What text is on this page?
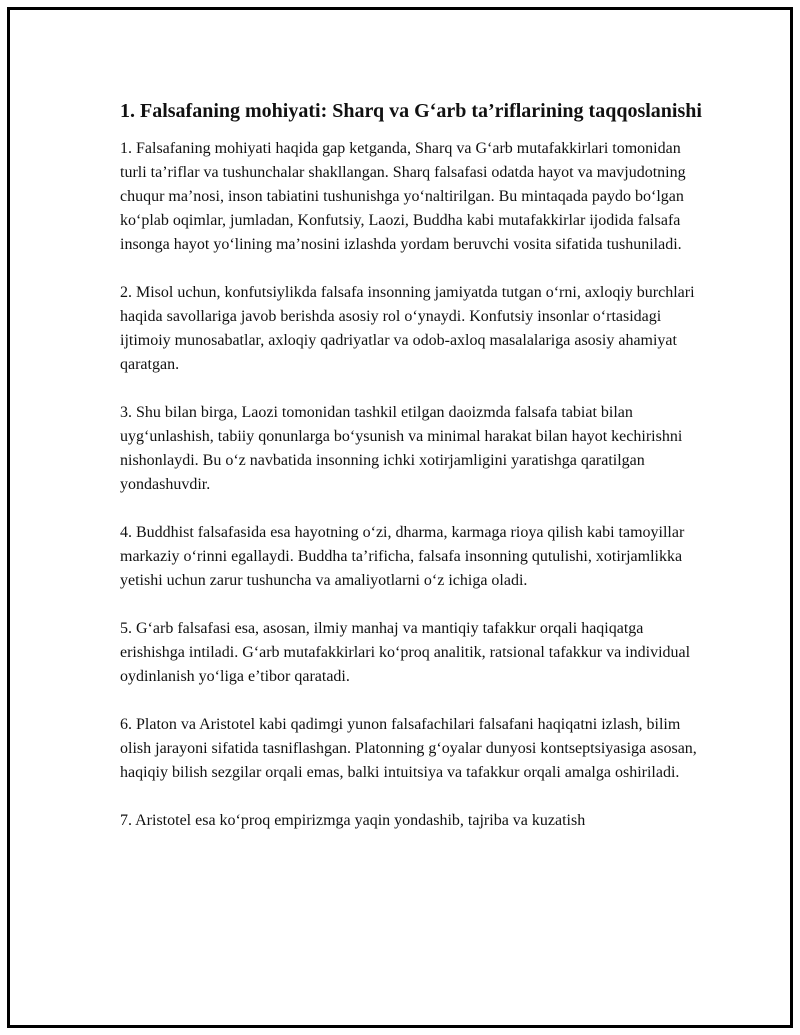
1. Falsafaning mohiyati: Sharq va G‘arb ta’riflarining taqqoslanishi

1. Falsafaning mohiyati haqida gap ketganda, Sharq va G‘arb mutafakkirlari tomonidan turli ta’riflar va tushunchalar shakllangan. Sharq falsafasi odatda hayot va mavjudotning chuqur ma’nosi, inson tabiatini tushunishga yo‘naltirilgan. Bu mintaqada paydo bo‘lgan ko‘plab oqimlar, jumladan, Konfutsiy, Laozi, Buddha kabi mutafakkirlar ijodida falsafa insonga hayot yo‘lining ma’nosini izlashda yordam beruvchi vosita sifatida tushuniladi.

2. Misol uchun, konfutsiylikda falsafa insonning jamiyatda tutgan o‘rni, axloqiy burchlari haqida savollariga javob berishda asosiy rol o‘ynaydi. Konfutsiy insonlar o‘rtasidagi ijtimoiy munosabatlar, axloqiy qadriyatlar va odob-axloq masalalariga asosiy ahamiyat qaratgan.

3. Shu bilan birga, Laozi tomonidan tashkil etilgan daoizmda falsafa tabiat bilan uyg‘unlashish, tabiiy qonunlarga bo‘ysunish va minimal harakat bilan hayot kechirishni nishonlaydi. Bu o‘z navbatida insonning ichki xotirjamligini yaratishga qaratilgan yondashuvdir.

4. Buddhist falsafasida esa hayotning o‘zi, dharma, karmaga rioya qilish kabi tamoyillar markaziy o‘rinni egallaydi. Buddha ta’rificha, falsafa insonning qutulishi, xotirjamlikka yetishi uchun zarur tushuncha va amaliyotlarni o‘z ichiga oladi.

5. G‘arb falsafasi esa, asosan, ilmiy manhaj va mantiqiy tafakkur orqali haqiqatga erishishga intiladi. G‘arb mutafakkirlari ko‘proq analitik, ratsional tafakkur va individual oydinlanish yo‘liga e’tibor qaratadi.

6. Platon va Aristotel kabi qadimgi yunon falsafachilari falsafani haqiqatni izlash, bilim olish jarayoni sifatida tasniflashgan. Platonning g‘oyalar dunyosi kontseptsiyasiga asosan, haqiqiy bilish sezgilar orqali emas, balki intuitsiya va tafakkur orqali amalga oshiriladi.

7. Aristotel esa ko‘proq empirizmga yaqin yondashib, tajriba va kuzatish
